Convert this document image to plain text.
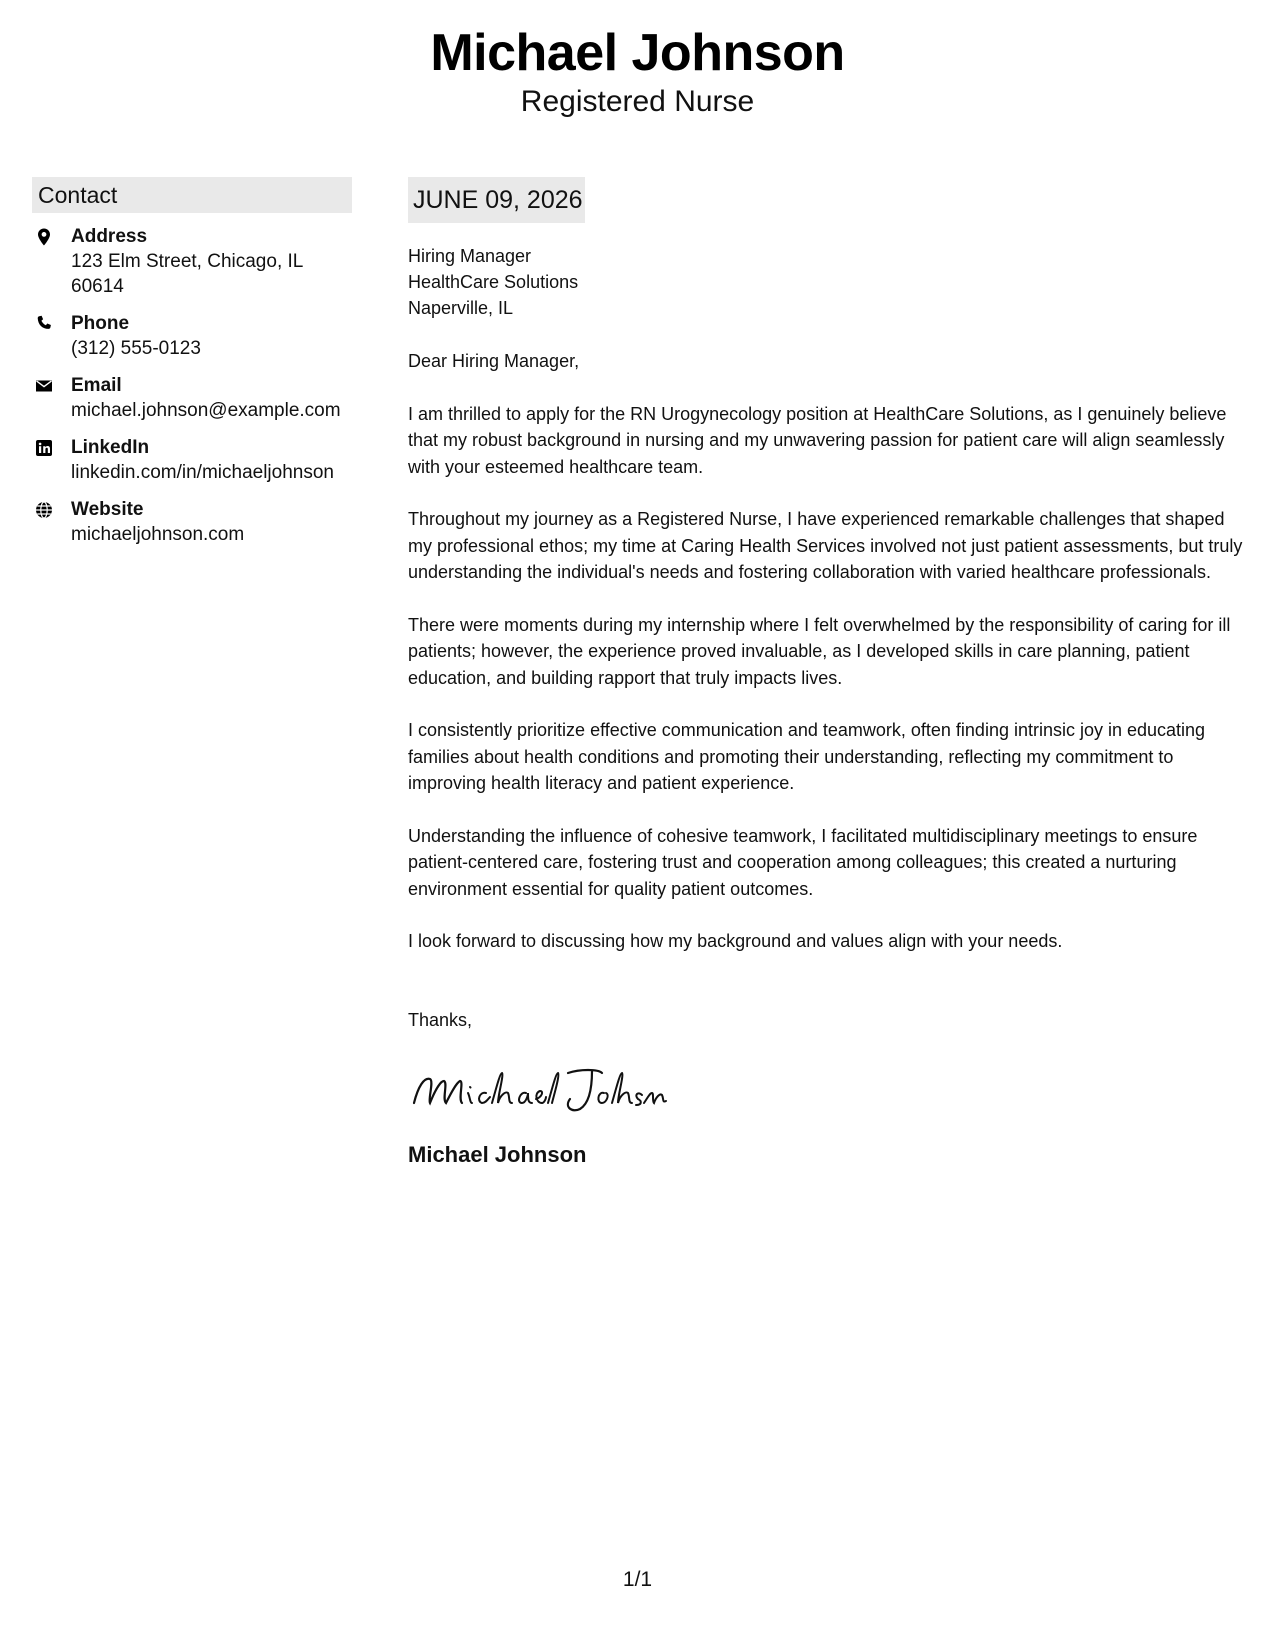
Michael Johnson
Registered Nurse
Contact
Address
123 Elm Street, Chicago, IL 60614
Phone
(312) 555-0123
Email
michael.johnson@example.com
LinkedIn
linkedin.com/in/michaeljohnson
Website
michaeljohnson.com
JUNE 09, 2026
Hiring Manager
HealthCare Solutions
Naperville, IL
Dear Hiring Manager,
I am thrilled to apply for the RN Urogynecology position at HealthCare Solutions, as I genuinely believe that my robust background in nursing and my unwavering passion for patient care will align seamlessly with your esteemed healthcare team.
Throughout my journey as a Registered Nurse, I have experienced remarkable challenges that shaped my professional ethos; my time at Caring Health Services involved not just patient assessments, but truly understanding the individual's needs and fostering collaboration with varied healthcare professionals.
There were moments during my internship where I felt overwhelmed by the responsibility of caring for ill patients; however, the experience proved invaluable, as I developed skills in care planning, patient education, and building rapport that truly impacts lives.
I consistently prioritize effective communication and teamwork, often finding intrinsic joy in educating families about health conditions and promoting their understanding, reflecting my commitment to improving health literacy and patient experience.
Understanding the influence of cohesive teamwork, I facilitated multidisciplinary meetings to ensure patient-centered care, fostering trust and cooperation among colleagues; this created a nurturing environment essential for quality patient outcomes.
I look forward to discussing how my background and values align with your needs.
Thanks,
Michael Johnson
1/1
